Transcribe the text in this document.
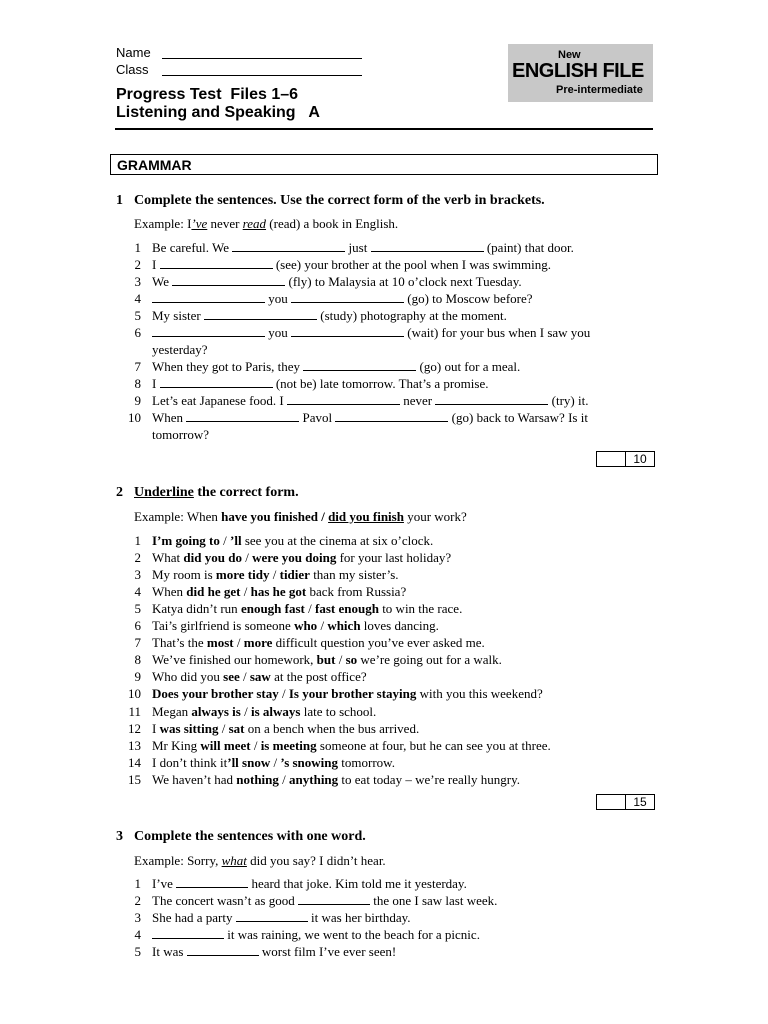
Name
Class
Progress Test  Files 1–6
Listening and Speaking   A
New
ENGLISH FILE
Pre-intermediate
GRAMMAR
1 Complete the sentences. Use the correct form of the verb in brackets.
Example: I’ve never read (read) a book in English.
1 Be careful. We	just	(paint) that door.
2 I	(see) your brother at the pool when I was swimming.
3 We	(fly) to Malaysia at 10 o’clock next Tuesday.
4	you	(go) to Moscow before?
5 My sister	(study) photography at the moment.
6	you	(wait) for your bus when I saw you
yesterday?
7 When they got to Paris, they	(go) out for a meal.
8 I	(not be) late tomorrow. That’s a promise.
9 Let’s eat Japanese food. I	never	(try) it.
10 When	Pavol	(go) back to Warsaw? Is it
tomorrow?
10
2 Underline the correct form.
Example: When have you finished / did you finish your work?
1 I’m going to / ’ll see you at the cinema at six o’clock.
2 What did you do / were you doing for your last holiday?
3 My room is more tidy / tidier than my sister’s.
4 When did he get / has he got back from Russia?
5 Katya didn’t run enough fast / fast enough to win the race.
6 Tai’s girlfriend is someone who / which loves dancing.
7 That’s the most / more difficult question you’ve ever asked me.
8 We’ve finished our homework, but / so we’re going out for a walk.
9 Who did you see / saw at the post office?
10 Does your brother stay / Is your brother staying with you this weekend?
11 Megan always is / is always late to school.
12 I was sitting / sat on a bench when the bus arrived.
13 Mr King will meet / is meeting someone at four, but he can see you at three.
14 I don’t think it’ll snow / ’s snowing tomorrow.
15 We haven’t had nothing / anything to eat today – we’re really hungry.
15
3 Complete the sentences with one word.
Example: Sorry, what did you say? I didn’t hear.
1 I’ve	heard that joke. Kim told me it yesterday.
2 The concert wasn’t as good	the one I saw last week.
3 She had a party	it was her birthday.
4	it was raining, we went to the beach for a picnic.
5 It was	worst film I’ve ever seen!
